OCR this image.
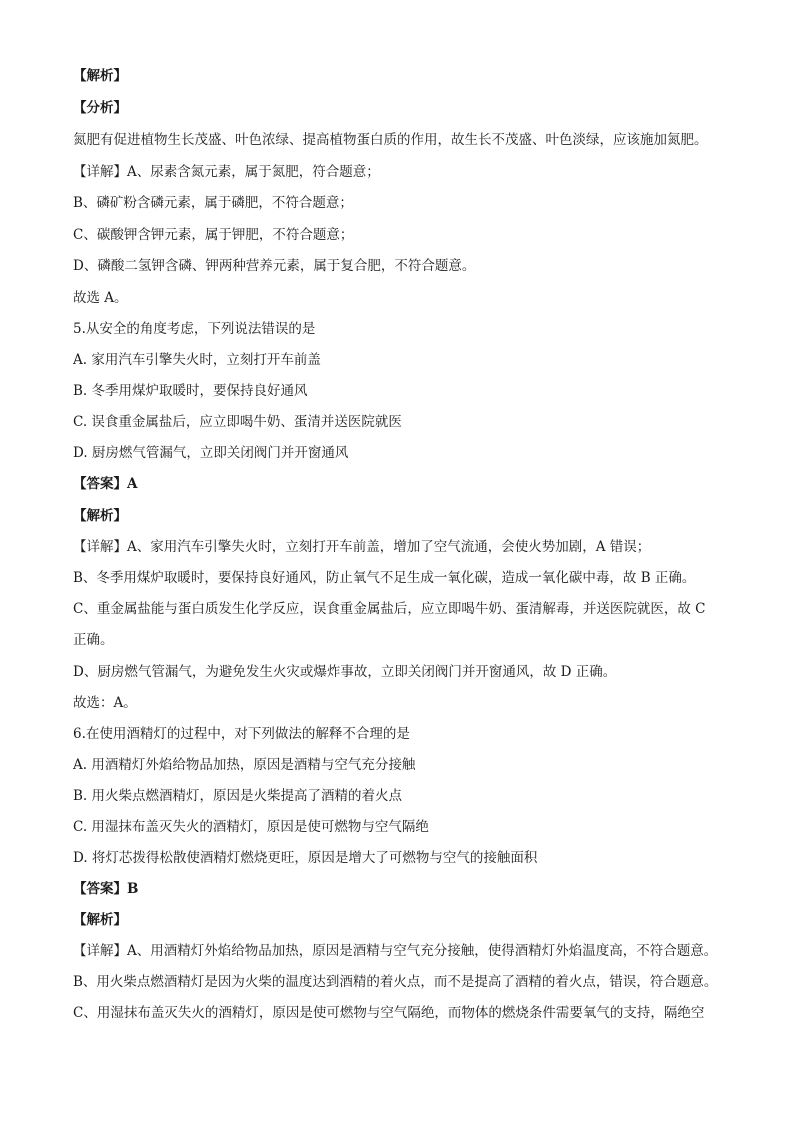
【解析】
【分析】
氮肥有促进植物生长茂盛、叶色浓绿、提高植物蛋白质的作用，故生长不茂盛、叶色淡绿，应该施加氮肥。
【详解】A、尿素含氮元素，属于氮肥，符合题意；
B、磷矿粉含磷元素，属于磷肥，不符合题意；
C、碳酸钾含钾元素，属于钾肥，不符合题意；
D、磷酸二氢钾含磷、钾两种营养元素，属于复合肥，不符合题意。
故选 A。
5.从安全的角度考虑，下列说法错误的是
A. 家用汽车引擎失火时，立刻打开车前盖
B. 冬季用煤炉取暖时，要保持良好通风
C. 误食重金属盐后，应立即喝牛奶、蛋清并送医院就医
D. 厨房燃气管漏气，立即关闭阀门并开窗通风
【答案】A
【解析】
【详解】A、家用汽车引擎失火时，立刻打开车前盖，增加了空气流通，会使火势加剧，A 错误；
B、冬季用煤炉取暖时，要保持良好通风，防止氧气不足生成一氧化碳，造成一氧化碳中毒，故 B 正确。
C、重金属盐能与蛋白质发生化学反应，误食重金属盐后，应立即喝牛奶、蛋清解毒，并送医院就医，故 C
正确。
D、厨房燃气管漏气，为避免发生火灾或爆炸事故，立即关闭阀门并开窗通风，故 D 正确。
故选：A。
6.在使用酒精灯的过程中，对下列做法的解释不合理的是
A. 用酒精灯外焰给物品加热，原因是酒精与空气充分接触
B. 用火柴点燃酒精灯，原因是火柴提高了酒精的着火点
C. 用湿抹布盖灭失火的酒精灯，原因是使可燃物与空气隔绝
D. 将灯芯拨得松散使酒精灯燃烧更旺，原因是增大了可燃物与空气的接触面积
【答案】B
【解析】
【详解】A、用酒精灯外焰给物品加热，原因是酒精与空气充分接触，使得酒精灯外焰温度高，不符合题意。
B、用火柴点燃酒精灯是因为火柴的温度达到酒精的着火点，而不是提高了酒精的着火点，错误，符合题意。
C、用湿抹布盖灭失火的酒精灯，原因是使可燃物与空气隔绝，而物体的燃烧条件需要氧气的支持，隔绝空
